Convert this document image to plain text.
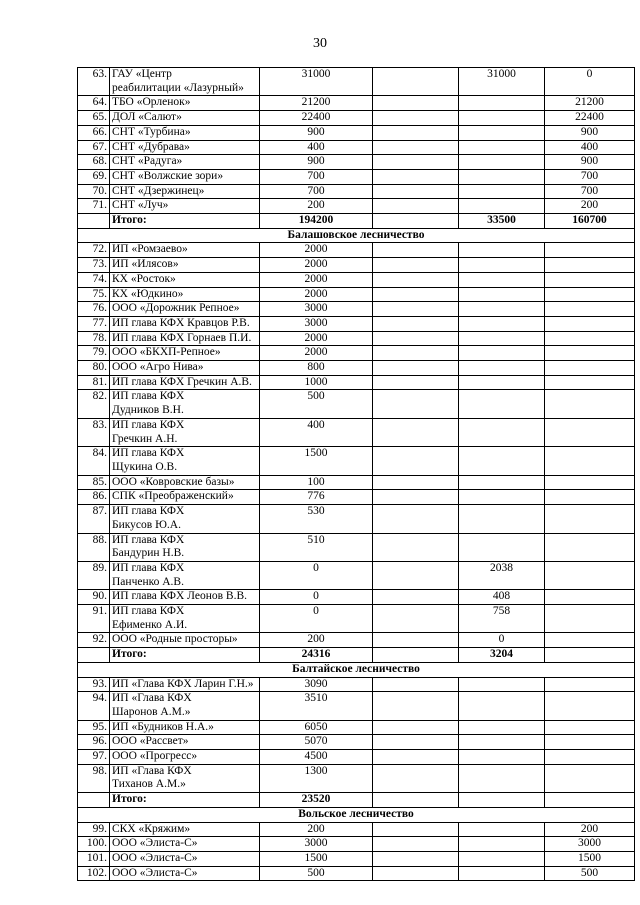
30
63.	ГАУ «Центр
реабилитации «Лазурный»	31000		31000	0
64.	ТБО «Орленок»	21200			21200
65.	ДОЛ «Салют»	22400			22400
66.	СНТ «Турбина»	900			900
67.	СНТ «Дубрава»	400			400
68.	СНТ «Радуга»	900			900
69.	СНТ «Волжские зори»	700			700
70.	СНТ «Дзержинец»	700			700
71.	СНТ «Луч»	200			200
	Итого:	194200		33500	160700
Балашовское лесничество					
72.	ИП «Ромзаево»	2000			
73.	ИП «Илясов»	2000			
74.	КХ «Росток»	2000			
75.	КХ «Юдкино»	2000			
76.	ООО «Дорожник Репное»	3000			
77.	ИП глава КФХ Кравцов Р.В.	3000			
78.	ИП глава КФХ Горнаев П.И.	2000			
79.	ООО «БКХП-Репное»	2000			
80.	ООО «Агро Нива»	800			
81.	ИП глава КФХ Гречкин А.В.	1000			
82.	ИП глава КФХ
Дудников В.Н.	500			
83.	ИП глава КФХ
Гречкин А.Н.	400			
84.	ИП глава КФХ
Щукина О.В.	1500			
85.	ООО «Ковровские базы»	100			
86.	СПК «Преображенский»	776			
87.	ИП глава КФХ
Бикусов Ю.А.	530			
88.	ИП глава КФХ
Бандурин Н.В.	510			
89.	ИП глава КФХ
Панченко А.В.	0		2038	
90.	ИП глава КФХ Леонов В.В.	0		408	
91.	ИП глава КФХ
Ефименко А.И.	0		758	
92.	ООО «Родные просторы»	200		0	
	Итого:	24316		3204	
Балтайское лесничество					
93.	ИП «Глава КФХ Ларин Г.Н.»	3090			
94.	ИП «Глава КФХ
Шаронов А.М.»	3510			
95.	ИП «Будников Н.А.»	6050			
96.	ООО «Рассвет»	5070			
97.	ООО «Прогресс»	4500			
98.	ИП «Глава КФХ
Тиханов А.М.»	1300			
	Итого:	23520			
Вольское лесничество					
99.	СКХ «Кряжим»	200			200
100.	ООО «Элиста-С»	3000			3000
101.	ООО «Элиста-С»	1500			1500
102.	ООО «Элиста-С»	500			500
